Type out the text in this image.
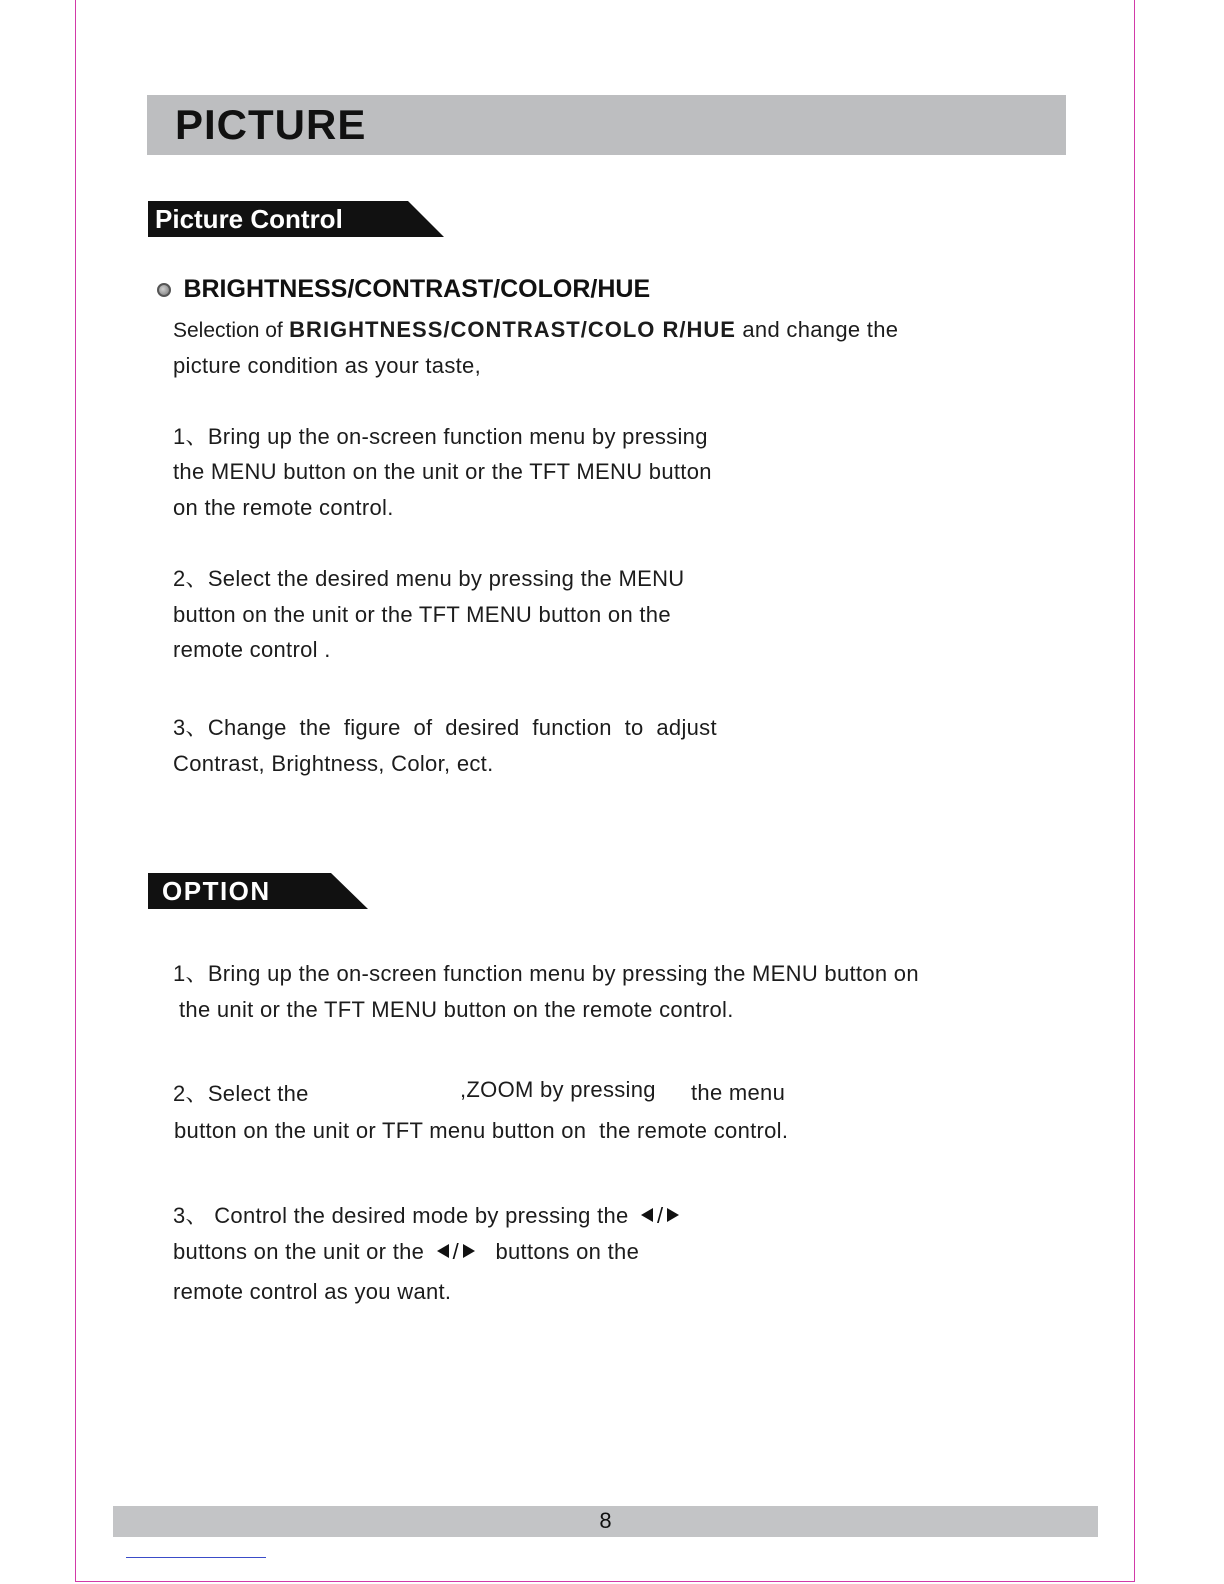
PICTURE
Picture Control
BRIGHTNESS/CONTRAST/COLOR/HUE
Selection of BRIGHTNESS/CONTRAST/COLO R/HUE and change the
picture condition as your taste,
1、Bring up the on-screen function menu by pressing
the MENU button on the unit or the TFT MENU button
on the remote control.
2、Select the desired menu by pressing the MENU
button on the unit or the TFT MENU button on the
remote control .
3、Change  the  figure  of  desired  function  to  adjust
Contrast, Brightness, Color, ect.
OPTION
1、Bring up the on-screen function menu by pressing the MENU button on
the unit or the TFT MENU button on the remote control.
2、Select the	,ZOOM by pressing the menu
button on the unit or TFT menu button on  the remote control.
3、 Control the desired mode by pressing the /
buttons on the unit or the / buttons on the
remote control as you want.
8
